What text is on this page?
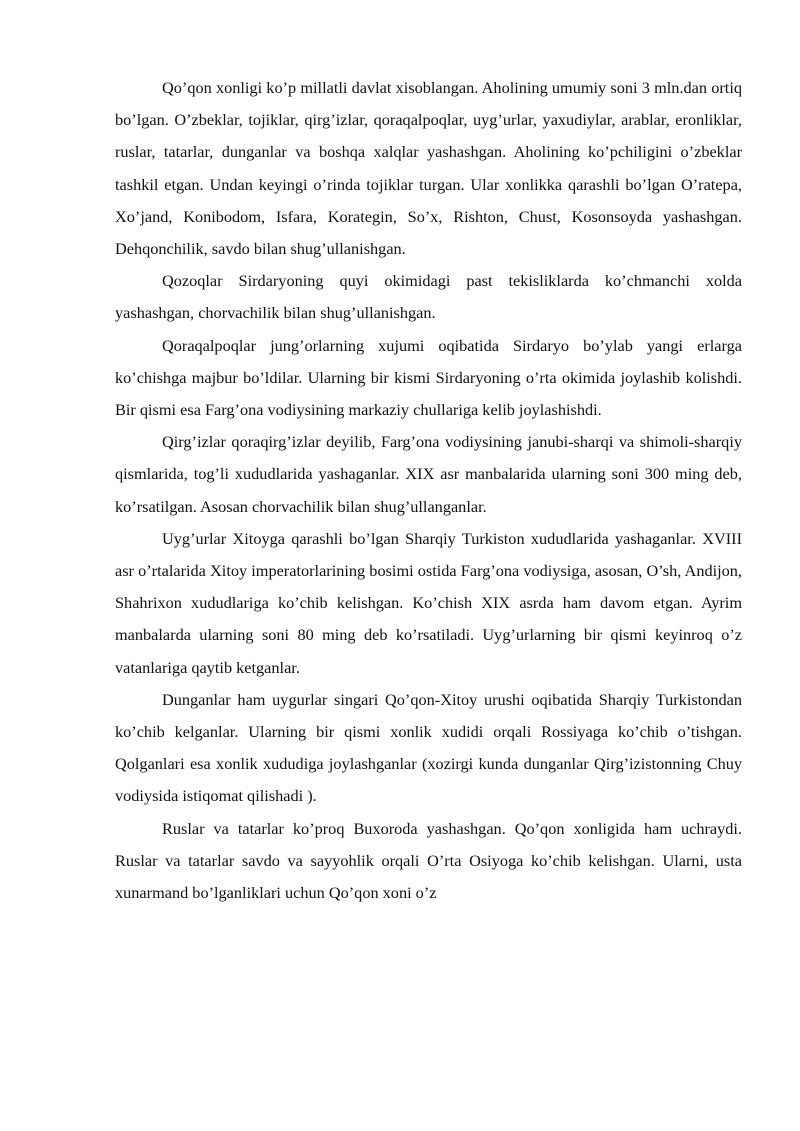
Qo’qon xonligi ko’p millatli davlat xisoblangan. Aholining umumiy soni 3 mln.dan ortiq bo’lgan. O’zbeklar, tojiklar, qirg’izlar, qoraqalpoqlar, uyg’urlar, yaxudiylar, arablar, eronliklar, ruslar, tatarlar, dunganlar va boshqa xalqlar yashashgan. Aholining ko’pchiligini o’zbeklar tashkil etgan. Undan keyingi o’rinda tojiklar turgan. Ular xonlikka qarashli bo’lgan O’ratepa, Xo’jand, Konibodom, Isfara, Korategin, So’x, Rishton, Chust, Kosonsoyda yashashgan. Dehqonchilik, savdo bilan shug’ullanishgan.

Qozoqlar Sirdaryoning quyi okimidagi past tekisliklarda ko’chmanchi xolda yashashgan, chorvachilik bilan shug’ullanishgan.

Qoraqalpoqlar jung’orlarning xujumi oqibatida Sirdaryo bo’ylab yangi erlarga ko’chishga majbur bo’ldilar. Ularning bir kismi Sirdaryoning o’rta okimida joylashib kolishdi. Bir qismi esa Farg’ona vodiysining markaziy chullariga kelib joylashishdi.

Qirg’izlar qoraqirg’izlar deyilib, Farg’ona vodiysining janubi-sharqi va shimoli-sharqiy qismlarida, tog’li xududlarida yashaganlar. XIX asr manbalarida ularning soni 300 ming deb, ko’rsatilgan. Asosan chorvachilik bilan shug’ullanganlar.

Uyg’urlar Xitoyga qarashli bo’lgan Sharqiy Turkiston xududlarida yashaganlar. XVIII asr o’rtalarida Xitoy imperatorlarining bosimi ostida Farg’ona vodiysiga, asosan, O’sh, Andijon, Shahrixon xududlariga ko’chib kelishgan. Ko’chish XIX asrda ham davom etgan. Ayrim manbalarda ularning soni 80 ming deb ko’rsatiladi. Uyg’urlarning bir qismi keyinroq o’z vatanlariga qaytib ketganlar.

Dunganlar ham uygurlar singari Qo’qon-Xitoy urushi oqibatida Sharqiy Turkistondan ko’chib kelganlar. Ularning bir qismi xonlik xudidi orqali Rossiyaga ko’chib o’tishgan. Qolganlari esa xonlik xududiga joylashganlar (xozirgi kunda dunganlar Qirg’izistonning Chuy vodiysida istiqomat qilishadi ).

Ruslar va tatarlar ko’proq Buxoroda yashashgan. Qo’qon xonligida ham uchraydi. Ruslar va tatarlar savdo va sayyohlik orqali O’rta Osiyoga ko’chib kelishgan. Ularni, usta xunarmand bo’lganliklari uchun Qo’qon xoni o’z
